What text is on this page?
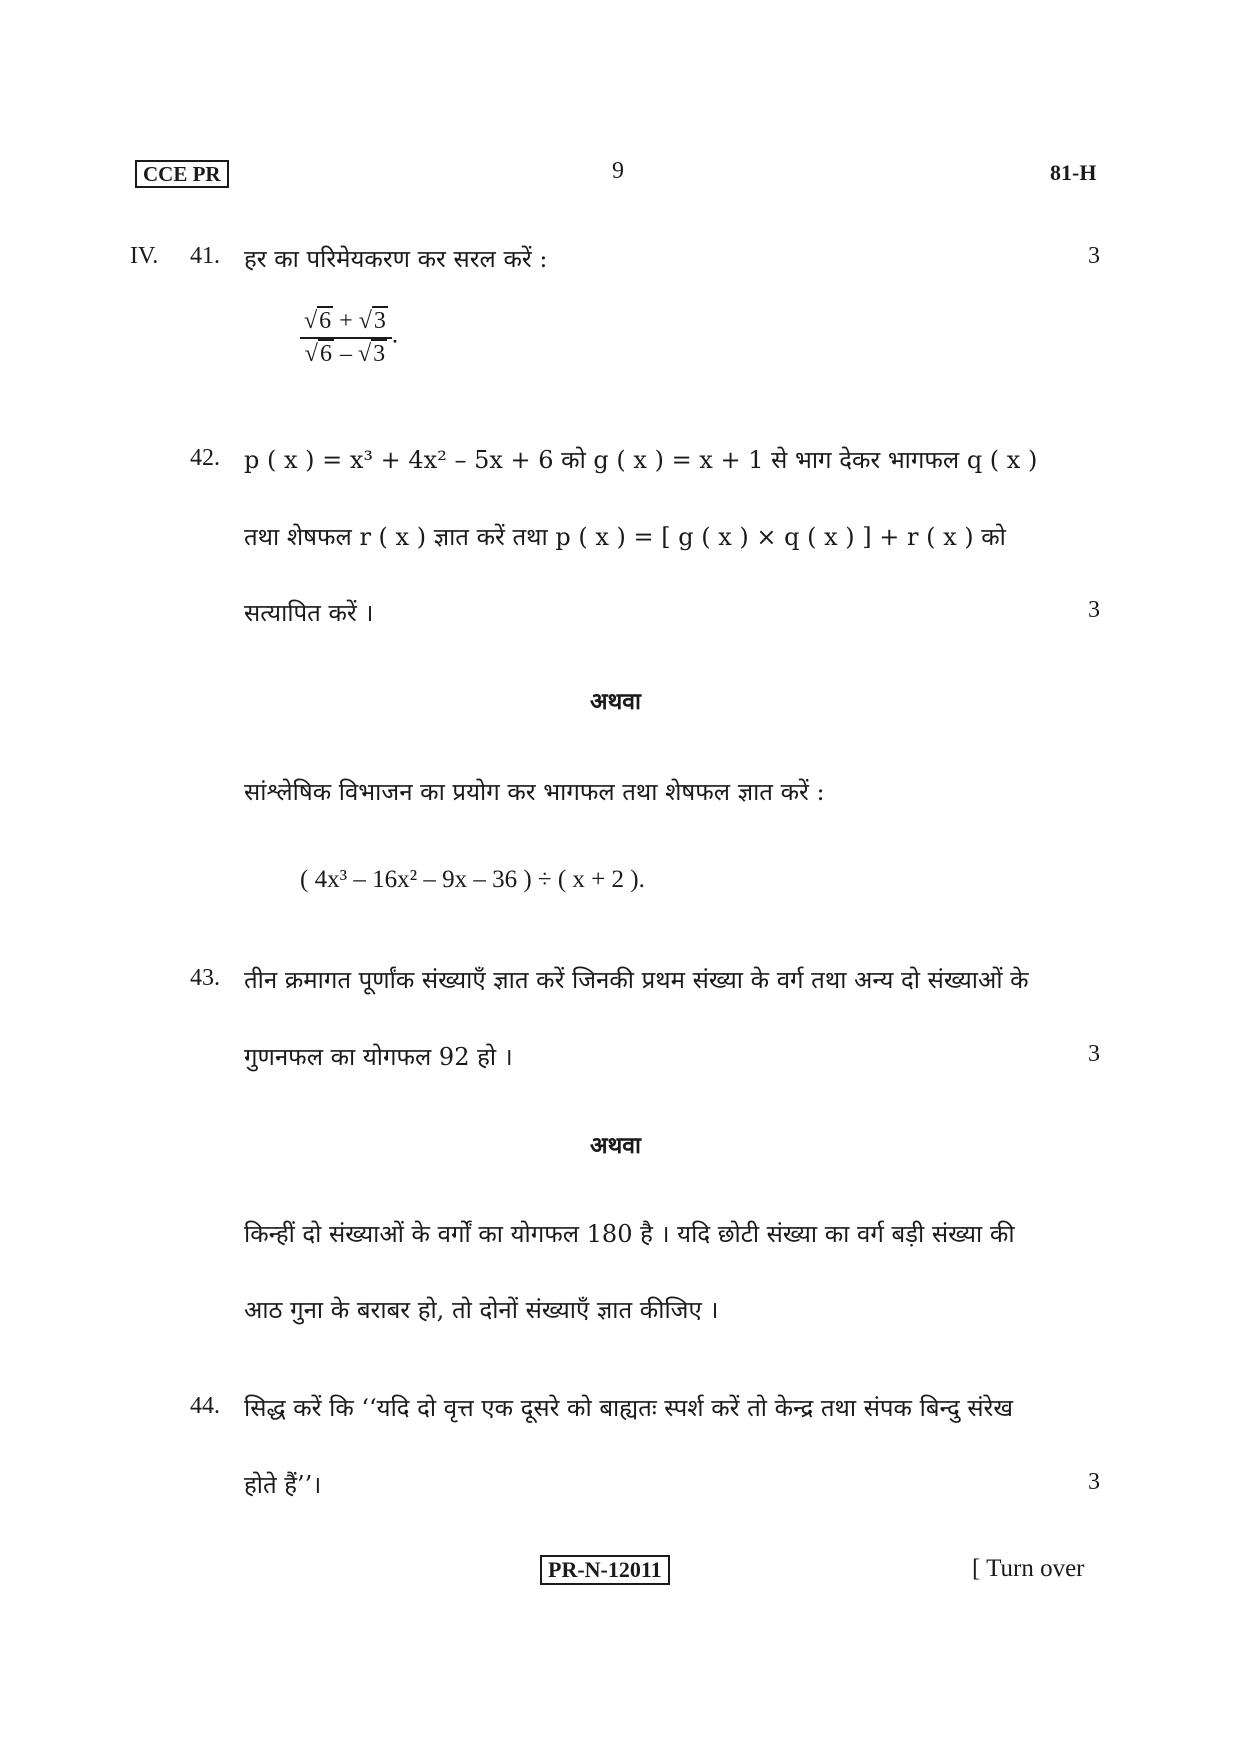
CCE PR	9	81-H
IV. 41. हर का परिमेयकरण कर सरल करें :	3
$\frac{√6 + √3}{√6 - √3}$ .
42. p ( x ) = x³ + 4x² – 5x + 6 को g ( x ) = x + 1 से भाग देकर भागफल q ( x )
तथा शेषफल r ( x ) ज्ञात करें तथा p ( x ) = [ g ( x ) × q ( x ) ] + r ( x ) को
सत्यापित करें ।	3
अथवा
सांश्लेषिक विभाजन का प्रयोग कर भागफल तथा शेषफल ज्ञात करें :
( 4x³ – 16x² – 9x – 36 ) ÷ ( x + 2 ).
43. तीन क्रमागत पूर्णांक संख्याएँ ज्ञात करें जिनकी प्रथम संख्या के वर्ग तथा अन्य दो संख्याओं के
गुणनफल का योगफल 92 हो ।	3
अथवा
किन्हीं दो संख्याओं के वर्गों का योगफल 180 है । यदि छोटी संख्या का वर्ग बड़ी संख्या की
आठ गुना के बराबर हो, तो दोनों संख्याएँ ज्ञात कीजिए ।
44. सिद्ध करें कि ‘‘यदि दो वृत्त एक दूसरे को बाह्यतः स्पर्श करें तो केन्द्र तथा संपक बिन्दु संरेख
होते हैं’’।	3
PR-N-12011	[ Turn over
